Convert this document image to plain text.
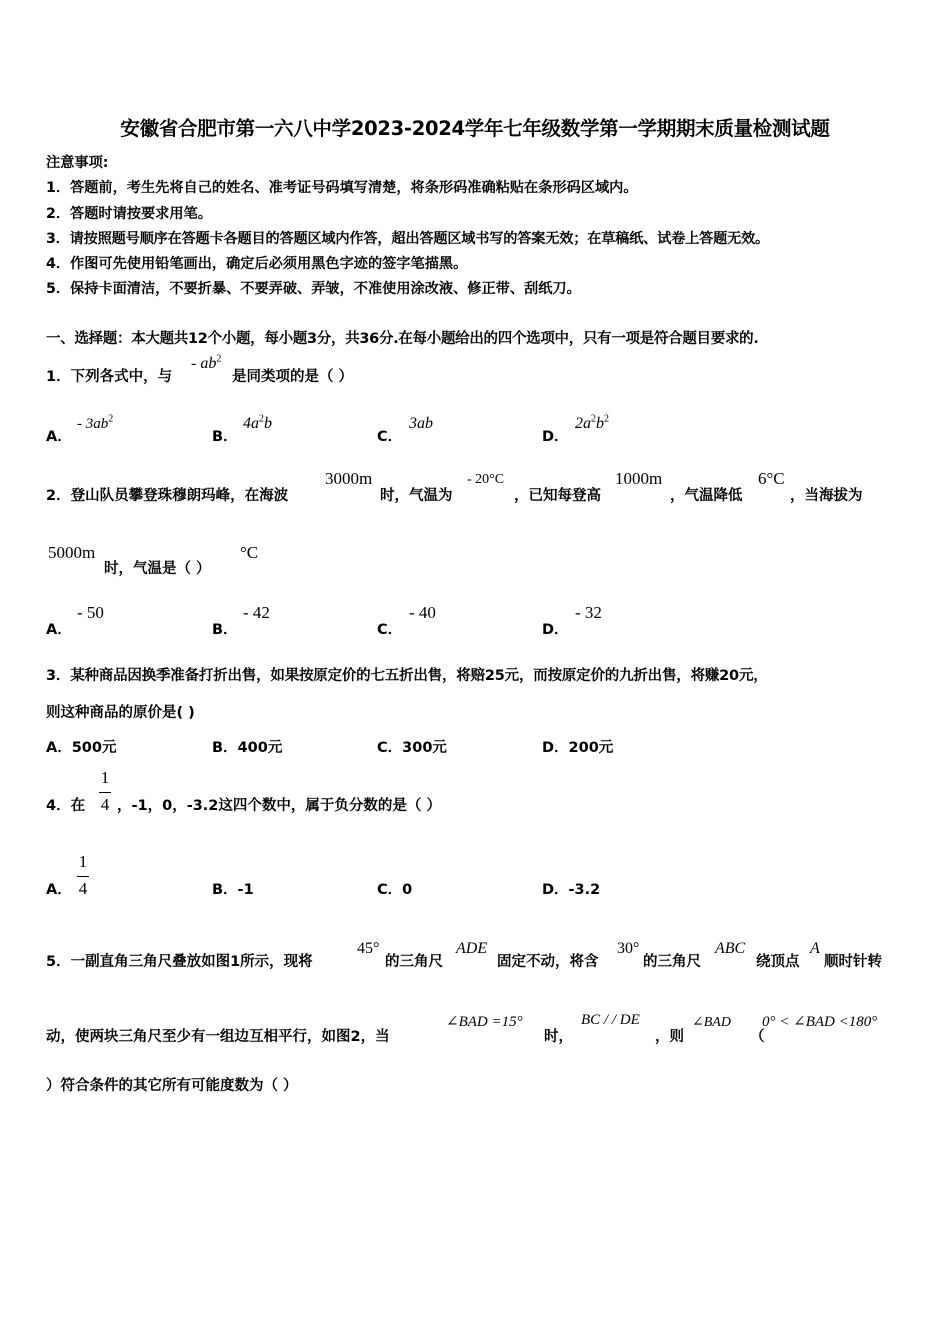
安徽省合肥市第一六八中学2023-2024学年七年级数学第一学期期末质量检测试题
注意事项:
1．答题前，考生先将自己的姓名、准考证号码填写清楚，将条形码准确粘贴在条形码区域内。
2．答题时请按要求用笔。
3．请按照题号顺序在答题卡各题目的答题区域内作答，超出答题区域书写的答案无效；在草稿纸、试卷上答题无效。
4．作图可先使用铅笔画出，确定后必须用黑色字迹的签字笔描黑。
5．保持卡面清洁，不要折暴、不要弄破、弄皱，不准使用涂改液、修正带、刮纸刀。
一、选择题：本大题共12个小题，每小题3分，共36分.在每小题给出的四个选项中，只有一项是符合题目要求的.
1．下列各式中，与
- $ab^2$
是同类项的是（ ）
A．
- $3ab^2$
B．
$4a^2b$
C．
3ab
D．
$2a^2b^2$
2．登山队员攀登珠穆朗玛峰，在海波
3000m
时，气温为
- 20°C
，已知每登高
1000m
，气温降低
6°C
，当海拔为
5000m
时，气温是（ ）
°C
A．
- 50
B．
- 42
C．
- 40
D．
- 32
3．某种商品因换季准备打折出售，如果按原定价的七五折出售，将赔25元，而按原定价的九折出售，将赚20元，
则这种商品的原价是( )
A．500元	B．400元	C．300元	D．200元
4．在
1
4 ，-1，0，-3.2这四个数中，属于负分数的是（ ）
A．
1
4	B．-1	C．0	D．-3.2
5．一副直角三角尺叠放如图1所示，现将
45°
的三角尺
ADE
固定不动，将含
30°
的三角尺
ABC
绕顶点
A
顺时针转
动，使两块三角尺至少有一组边互相平行，如图2，当
∠BAD =15°
时，
BC / / DE
，则
∠BAD
（
0° < ∠BAD <180°
）符合条件的其它所有可能度数为（ ）
